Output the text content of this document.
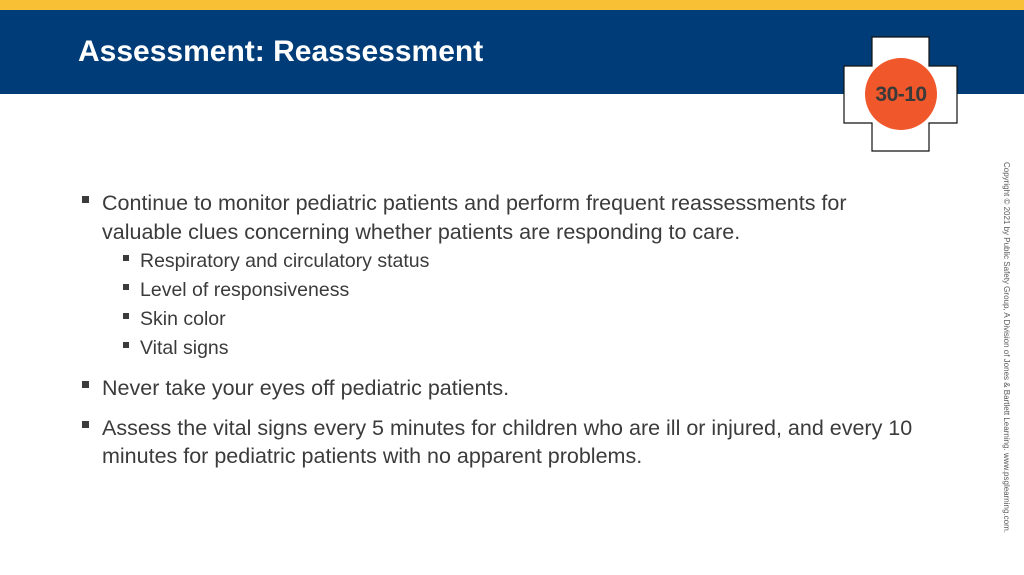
Assessment: Reassessment
30-10
Continue to monitor pediatric patients and perform frequent reassessments for valuable clues concerning whether patients are responding to care.
Respiratory and circulatory status
Level of responsiveness
Skin color
Vital signs
Never take your eyes off pediatric patients.
Assess the vital signs every 5 minutes for children who are ill or injured, and every 10 minutes for pediatric patients with no apparent problems.	Copyright © 2021 by Public Safety Group, A Division of Jones & Bartlett Learning. www.psglearning.com.
